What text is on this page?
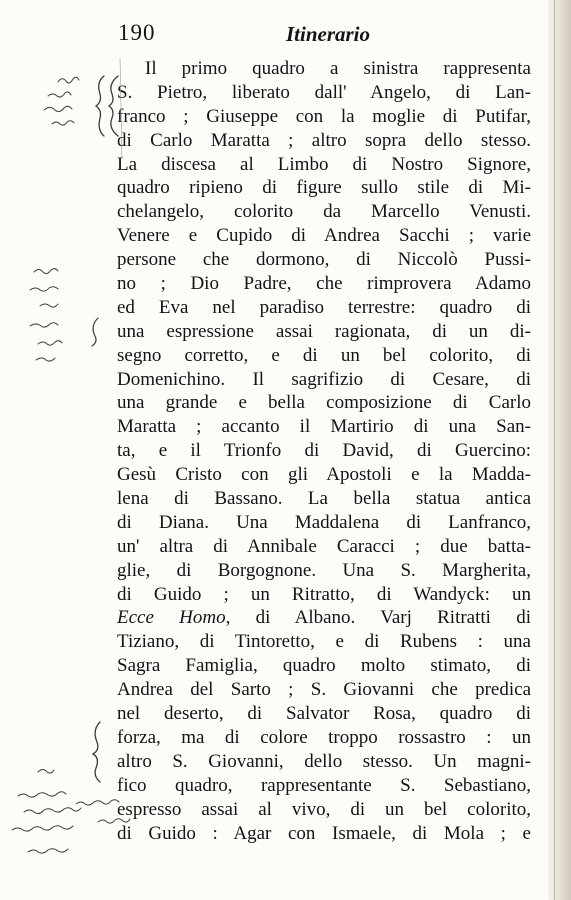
190	Itinerario
Il primo quadro a sinistra rappresenta
S. Pietro, liberato dall' Angelo, di Lan-
franco ; Giuseppe con la moglie di Putifar,
di Carlo Maratta ; altro sopra dello stesso.
La discesa al Limbo di Nostro Signore,
quadro ripieno di figure sullo stile di Mi-
chelangelo, colorito da Marcello Venusti.
Venere e Cupido di Andrea Sacchi ; varie
persone che dormono, di Niccolò Pussi-
no ; Dio Padre, che rimprovera Adamo
ed Eva nel paradiso terrestre: quadro di
una espressione assai ragionata, di un di-
segno corretto, e di un bel colorito, di
Domenichino. Il sagrifizio di Cesare, di
una grande e bella composizione di Carlo
Maratta ; accanto il Martirio di una San-
ta, e il Trionfo di David, di Guercino:
Gesù Cristo con gli Apostoli e la Madda-
lena di Bassano. La bella statua antica
di Diana. Una Maddalena di Lanfranco,
un' altra di Annibale Caracci ; due batta-
glie, di Borgognone. Una S. Margherita,
di Guido ; un Ritratto, di Wandyck: un
Ecce Homo, di Albano. Varj Ritratti di
Tiziano, di Tintoretto, e di Rubens : una
Sagra Famiglia, quadro molto stimato, di
Andrea del Sarto ; S. Giovanni che predica
nel deserto, di Salvator Rosa, quadro di
forza, ma di colore troppo rossastro : un
altro S. Giovanni, dello stesso. Un magni-
fico quadro, rappresentante S. Sebastiano,
espresso assai al vivo, di un bel colorito,
di Guido : Agar con Ismaele, di Mola ; e
